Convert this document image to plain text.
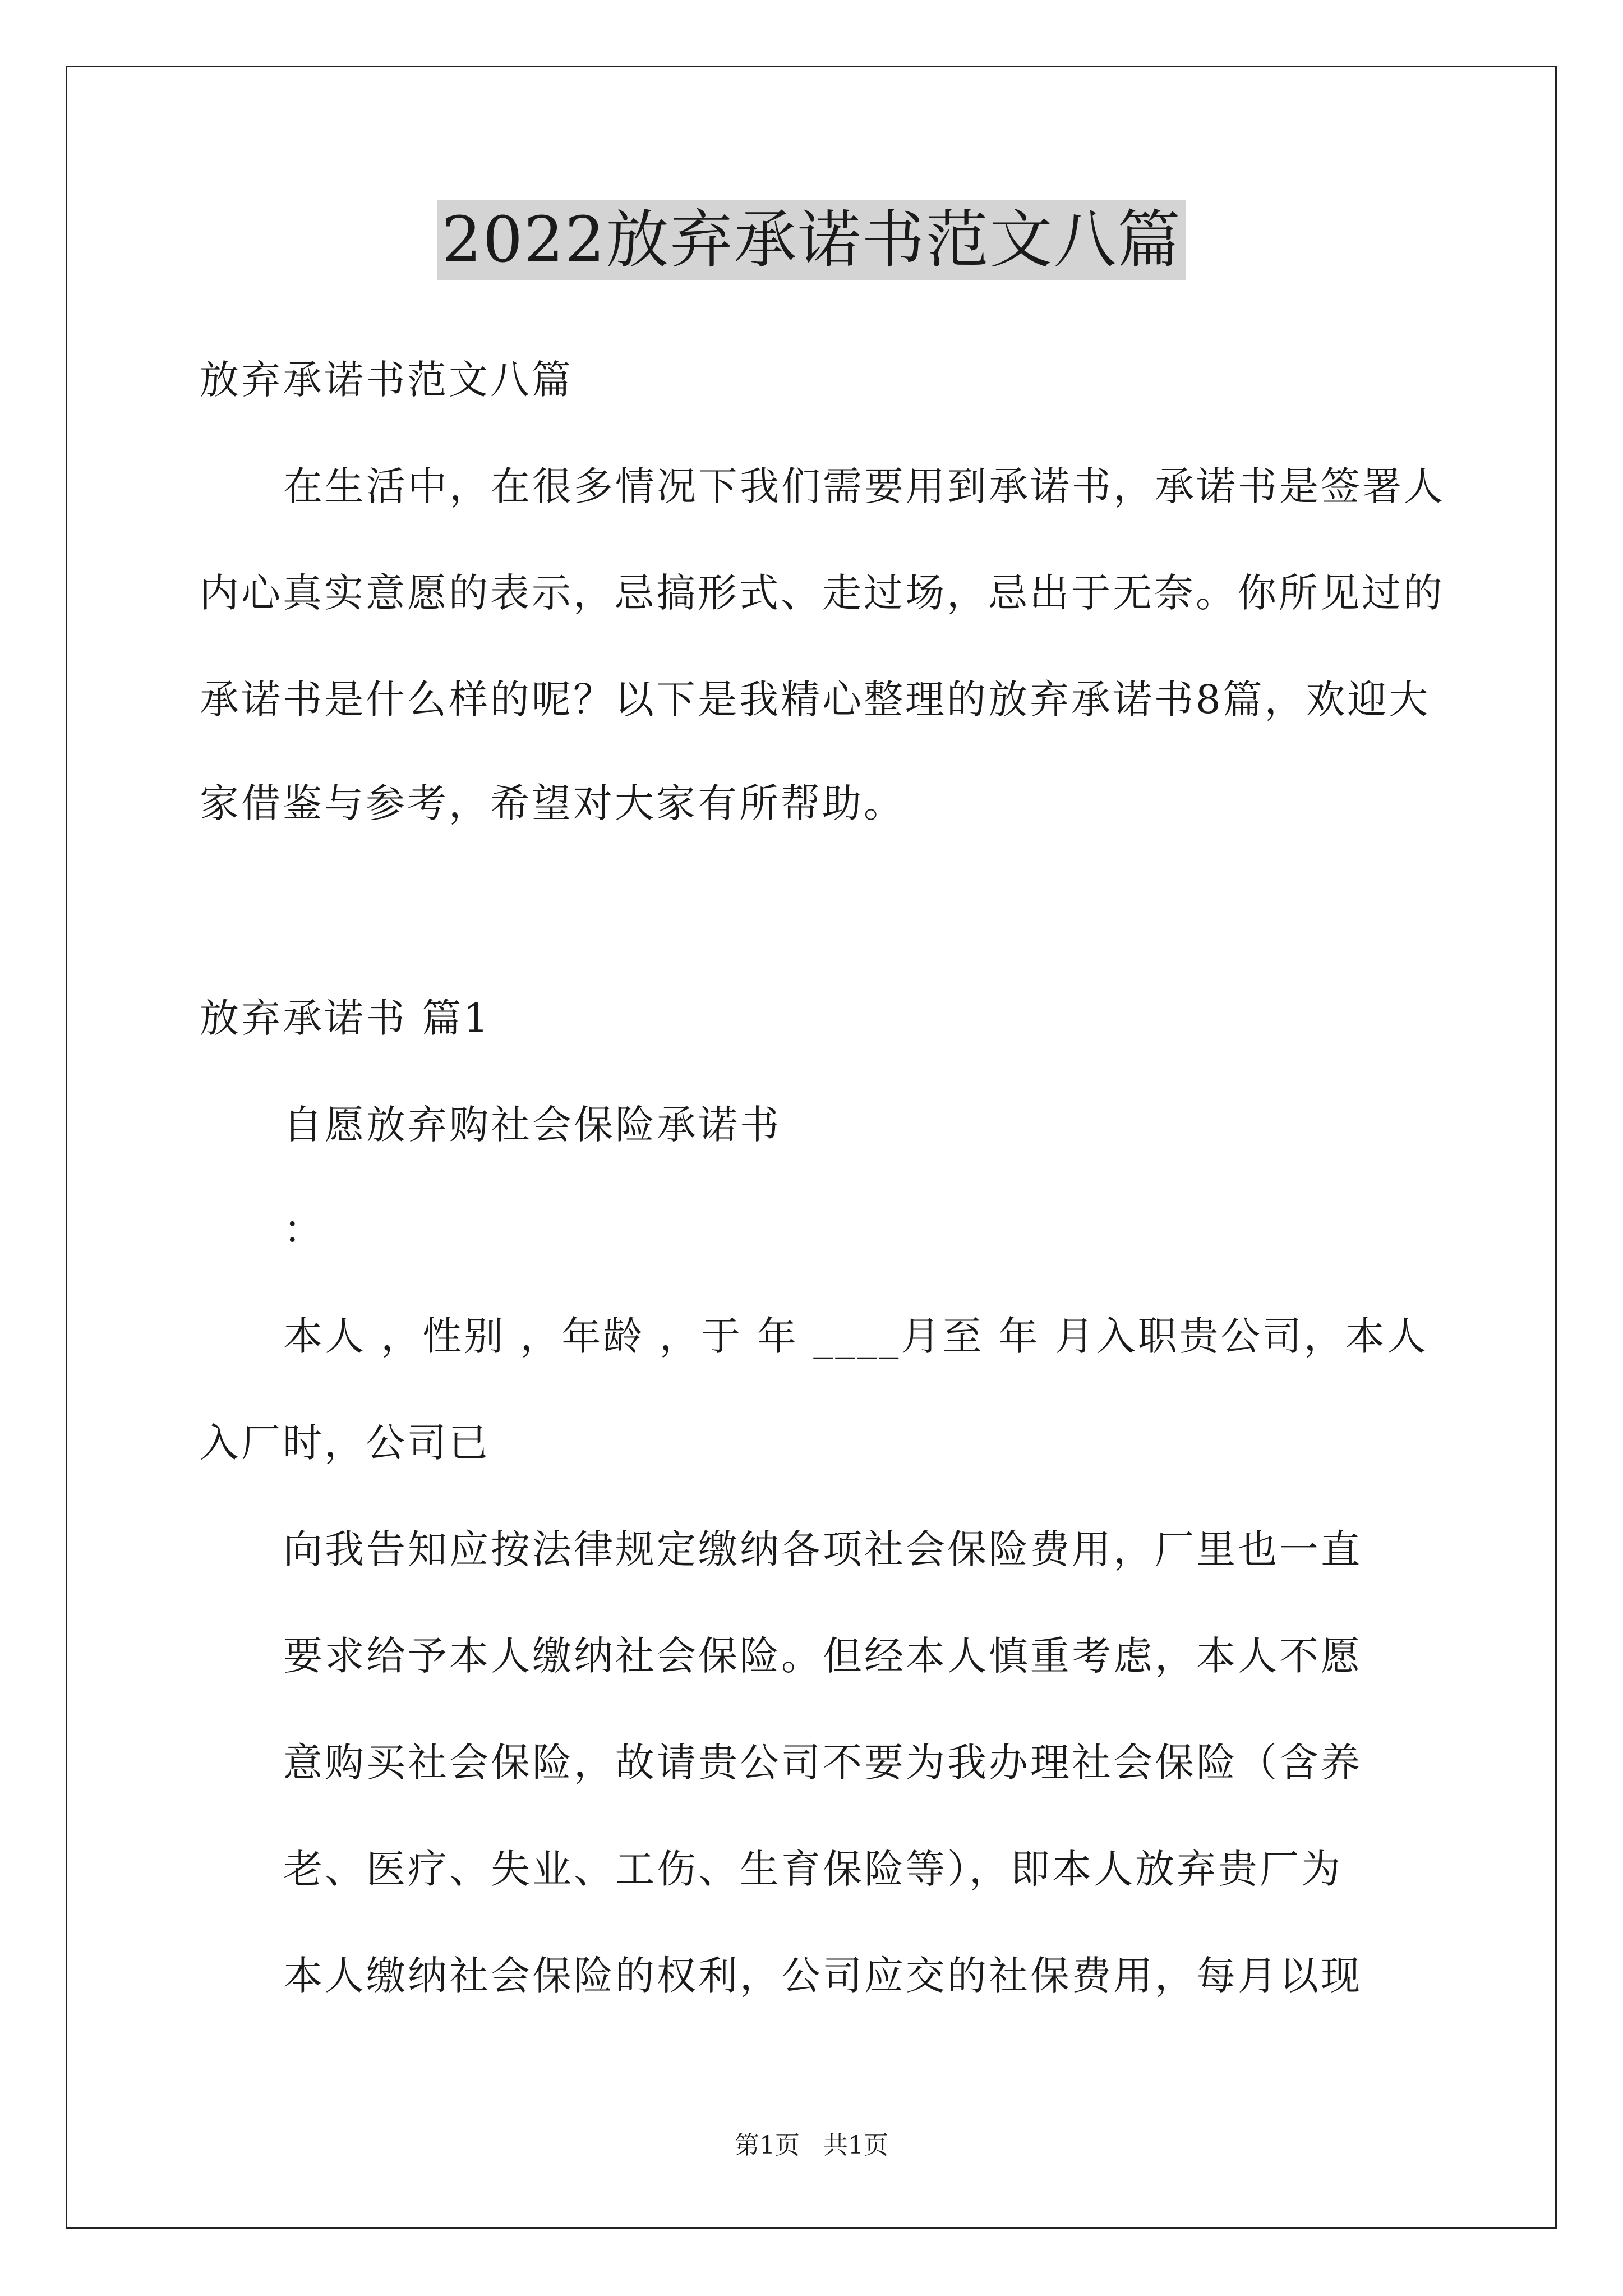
2022放弃承诺书范文八篇
放弃承诺书范文八篇
在生活中，在很多情况下我们需要用到承诺书，承诺书是签署人
内心真实意愿的表示，忌搞形式、走过场，忌出于无奈。你所见过的
承诺书是什么样的呢？以下是我精心整理的放弃承诺书8篇，欢迎大
家借鉴与参考，希望对大家有所帮助。
放弃承诺书 篇1
自愿放弃购社会保险承诺书
：
本人 ，性别 ，年龄 ，于 年 ____月至 年 月入职贵公司，本人
入厂时，公司已
向我告知应按法律规定缴纳各项社会保险费用，厂里也一直
要求给予本人缴纳社会保险。但经本人慎重考虑，本人不愿
意购买社会保险，故请贵公司不要为我办理社会保险（含养
老、医疗、失业、工伤、生育保险等），即本人放弃贵厂为
本人缴纳社会保险的权利，公司应交的社保费用，每月以现
第1页   共1页
